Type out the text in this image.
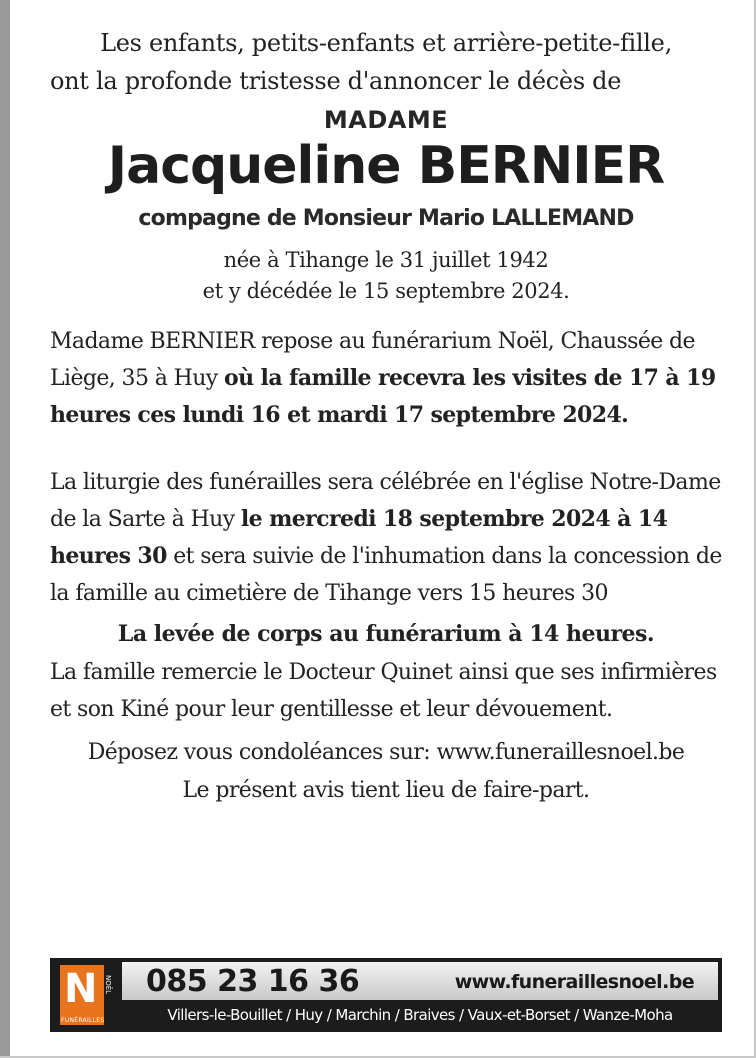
Les enfants, petits-enfants et arrière-petite-fille,
ont la profonde tristesse d'annoncer le décès de
MADAME
Jacqueline BERNIER
compagne de Monsieur Mario LALLEMAND
née à Tihange le 31 juillet 1942
et y décédée le 15 septembre 2024.
Madame BERNIER repose au funérarium Noël, Chaussée de Liège, 35 à Huy où la famille recevra les visites de 17 à 19 heures ces lundi 16 et mardi 17 septembre 2024.
La liturgie des funérailles sera célébrée en l'église Notre-Dame de la Sarte à Huy le mercredi 18 septembre 2024 à 14 heures 30 et sera suivie de l'inhumation dans la concession de la famille au cimetière de Tihange vers 15 heures 30
La levée de corps au funérarium à 14 heures.
La famille remercie le Docteur Quinet ainsi que ses infirmières et son Kiné pour leur gentillesse et leur dévouement.
Déposez vous condoléances sur: www.funeraillesnoel.be
Le présent avis tient lieu de faire-part.
N
FUNÉRAILLES
NOËL 085 23 16 36	www.funeraillesnoel.be
Villers-le-Bouillet / Huy / Marchin / Braives / Vaux-et-Borset / Wanze-Moha
